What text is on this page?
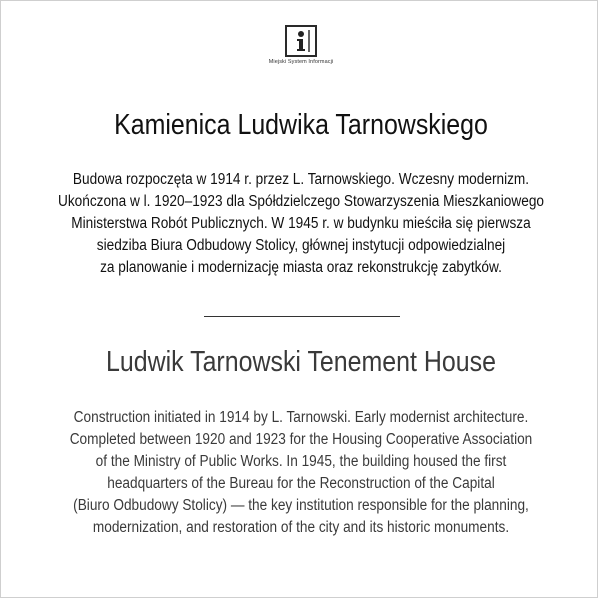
Miejski System Informacji
Kamienica Ludwika Tarnowskiego
Budowa rozpoczęta w 1914 r. przez L. Tarnowskiego. Wczesny modernizm.
Ukończona w l. 1920–1923 dla Spółdzielczego Stowarzyszenia Mieszkaniowego
Ministerstwa Robót Publicznych. W 1945 r. w budynku mieściła się pierwsza
siedziba Biura Odbudowy Stolicy, głównej instytucji odpowiedzialnej
za planowanie i modernizację miasta oraz rekonstrukcję zabytków.
Ludwik Tarnowski Tenement House
Construction initiated in 1914 by L. Tarnowski. Early modernist architecture.
Completed between 1920 and 1923 for the Housing Cooperative Association
of the Ministry of Public Works. In 1945, the building housed the first
headquarters of the Bureau for the Reconstruction of the Capital
(Biuro Odbudowy Stolicy) — the key institution responsible for the planning,
modernization, and restoration of the city and its historic monuments.
